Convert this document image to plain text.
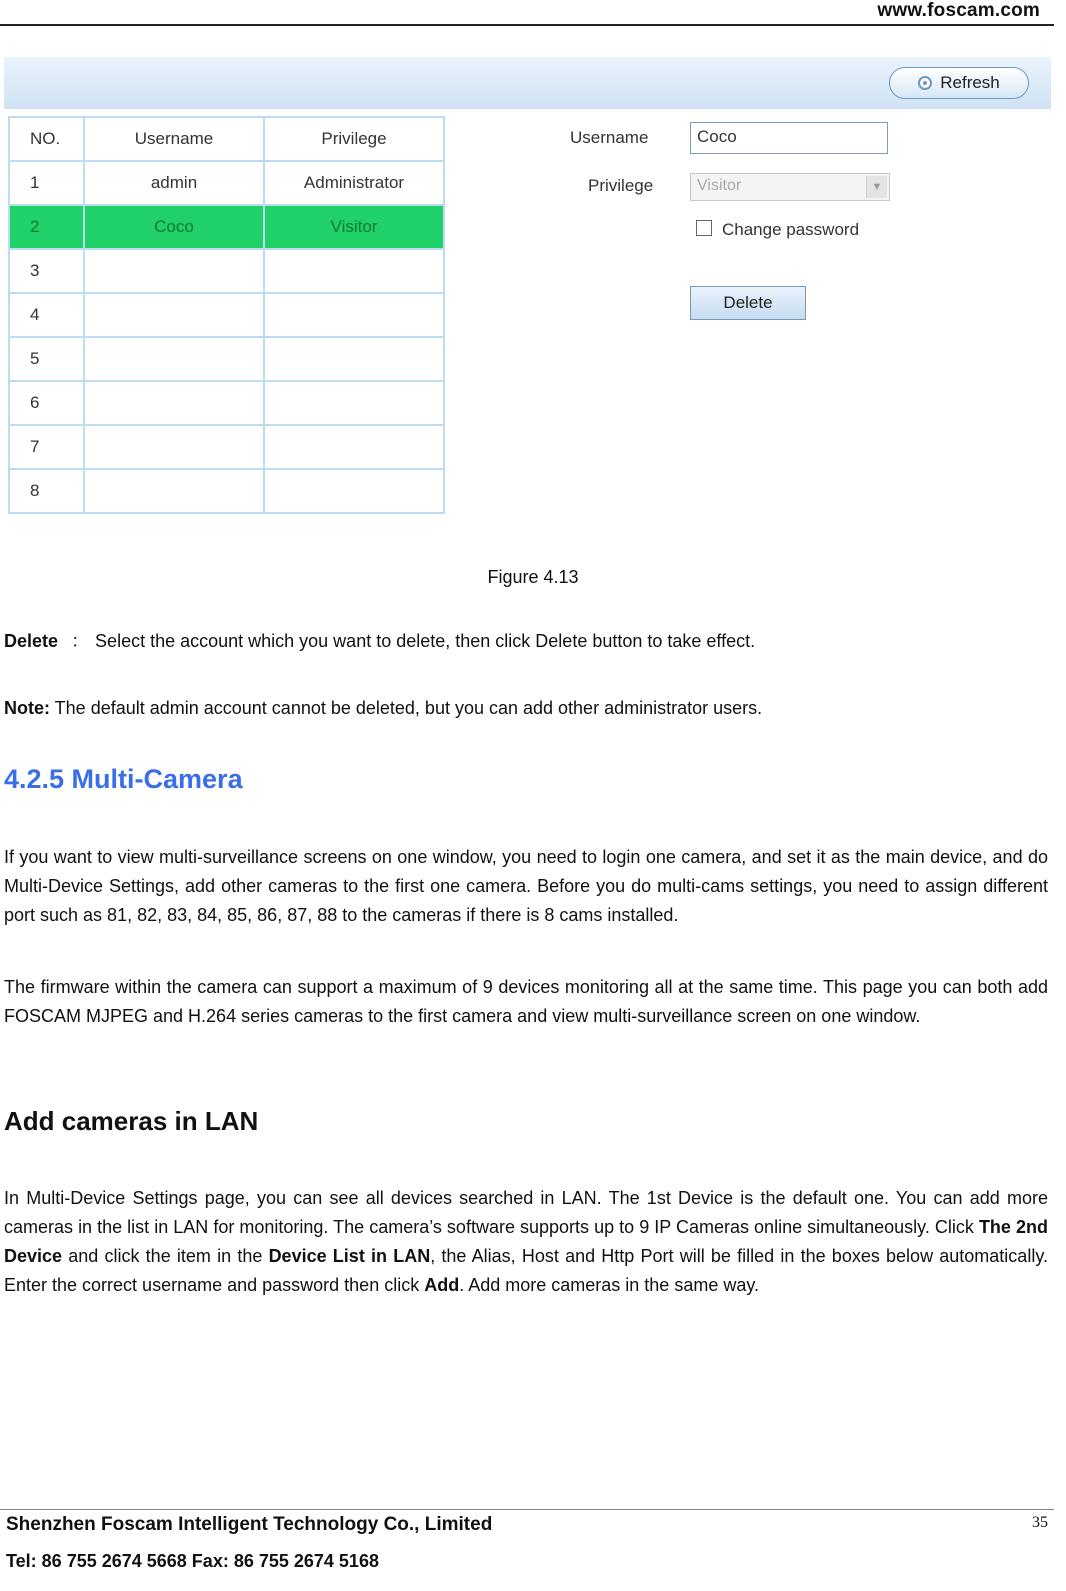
www.foscam.com
Refresh
NO.	Username	Privilege
1	admin	Administrator
2	Coco	Visitor
3		
4		
5		
6		
7		
8		
Username	Coco
Privilege	Visitor	▼
Change password
Delete
Figure 4.13

Delete ： Select the account which you want to delete, then click Delete button to take effect.

Note: The default admin account cannot be deleted, but you can add other administrator users.

4.2.5 Multi-Camera

If you want to view multi-surveillance screens on one window, you need to login one camera, and set it as the main device, and do Multi-Device Settings, add other cameras to the first one camera. Before you do multi-cams settings, you need to assign different port such as 81, 82, 83, 84, 85, 86, 87, 88 to the cameras if there is 8 cams installed.

The firmware within the camera can support a maximum of 9 devices monitoring all at the same time. This page you can both add FOSCAM MJPEG and H.264 series cameras to the first camera and view multi-surveillance screen on one window.

Add cameras in LAN

In Multi-Device Settings page, you can see all devices searched in LAN. The 1st Device is the default one. You can add more cameras in the list in LAN for monitoring. The camera’s software supports up to 9 IP Cameras online simultaneously. Click The 2nd Device and click the item in the Device List in LAN, the Alias, Host and Http Port will be filled in the boxes below automatically. Enter the correct username and password then click Add. Add more cameras in the same way.

Shenzhen Foscam Intelligent Technology Co., Limited
Tel: 86 755 2674 5668 Fax: 86 755 2674 5168
35
